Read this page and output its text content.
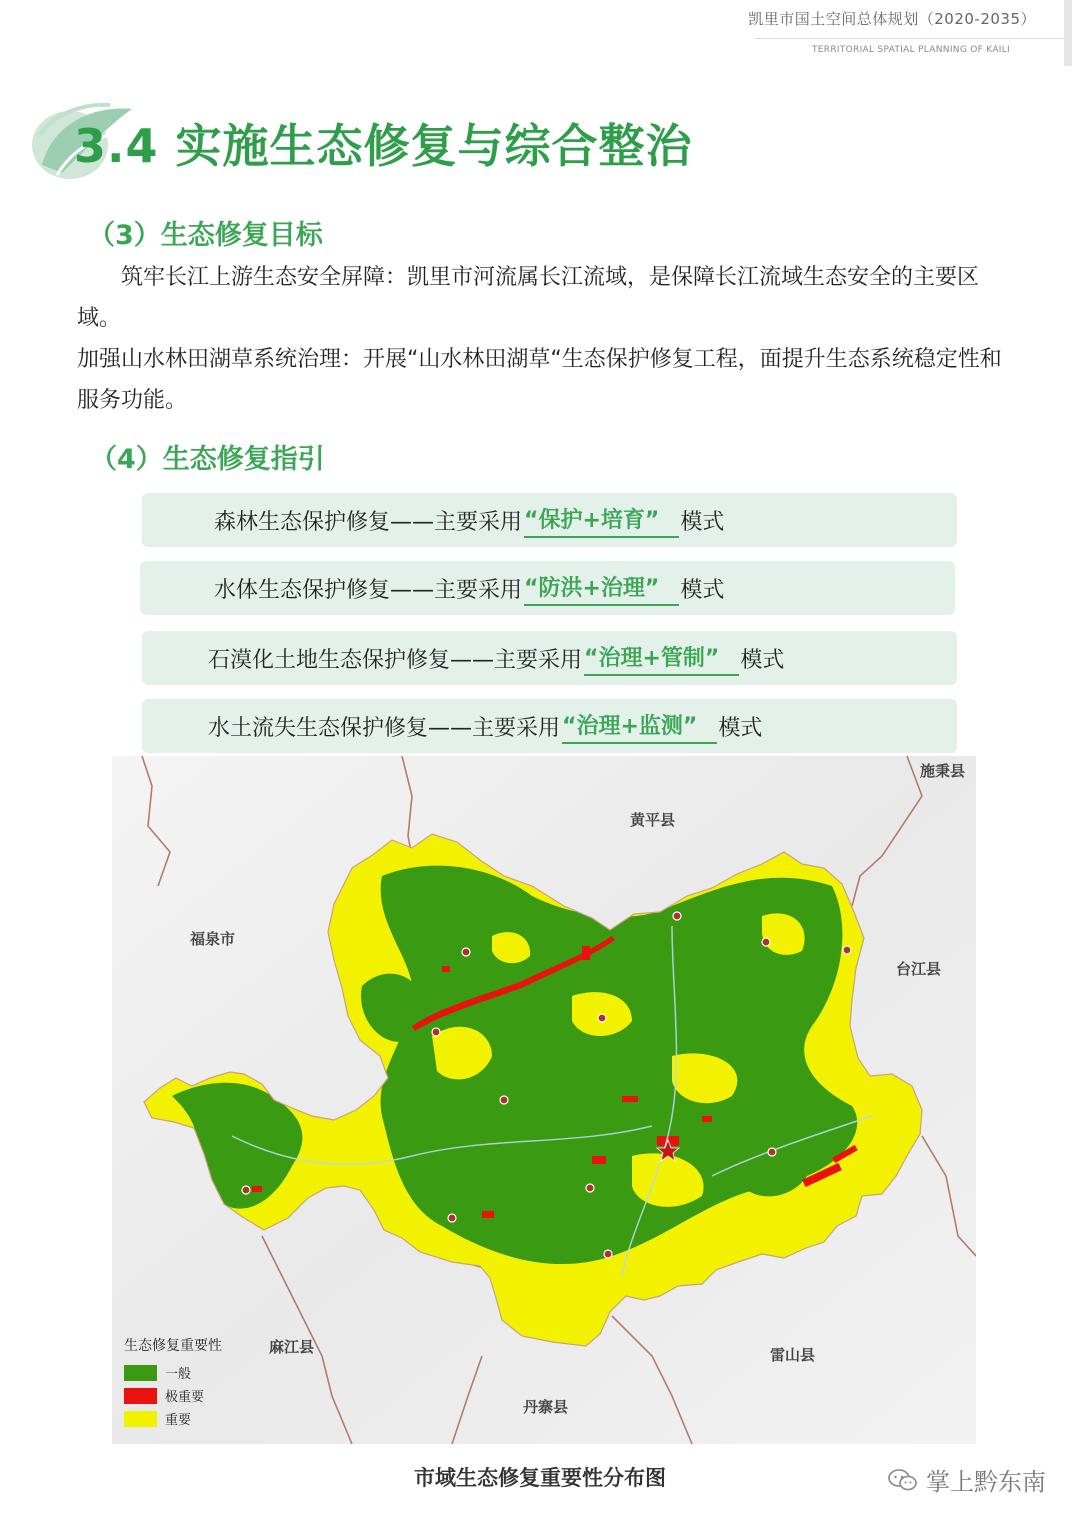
凯里市国土空间总体规划（2020-2035）
TERRITORIAL SPATIAL PLANNING OF KAILI
3.4 实施生态修复与综合整治
（3）生态修复目标

筑牢长江上游生态安全屏障：凯里市河流属长江流域，是保障长江流域生态安全的主要区域。

加强山水林田湖草系统治理：开展“山水林田湖草“生态保护修复工程，面提升生态系统稳定性和服务功能。

（4）生态修复指引
森林生态保护修复——主要采用 “保护+培育” 模式
水体生态保护修复——主要采用 “防洪+治理” 模式
石漠化土地生态保护修复——主要采用 “治理+管制” 模式
水土流失生态保护修复——主要采用 “治理+监测” 模式
施秉县
黄平县
福泉市
台江县
麻江县	雷山县
丹寨县
生态修复重要性
一般
极重要
重要

市域生态修复重要性分布图	掌上黔东南
